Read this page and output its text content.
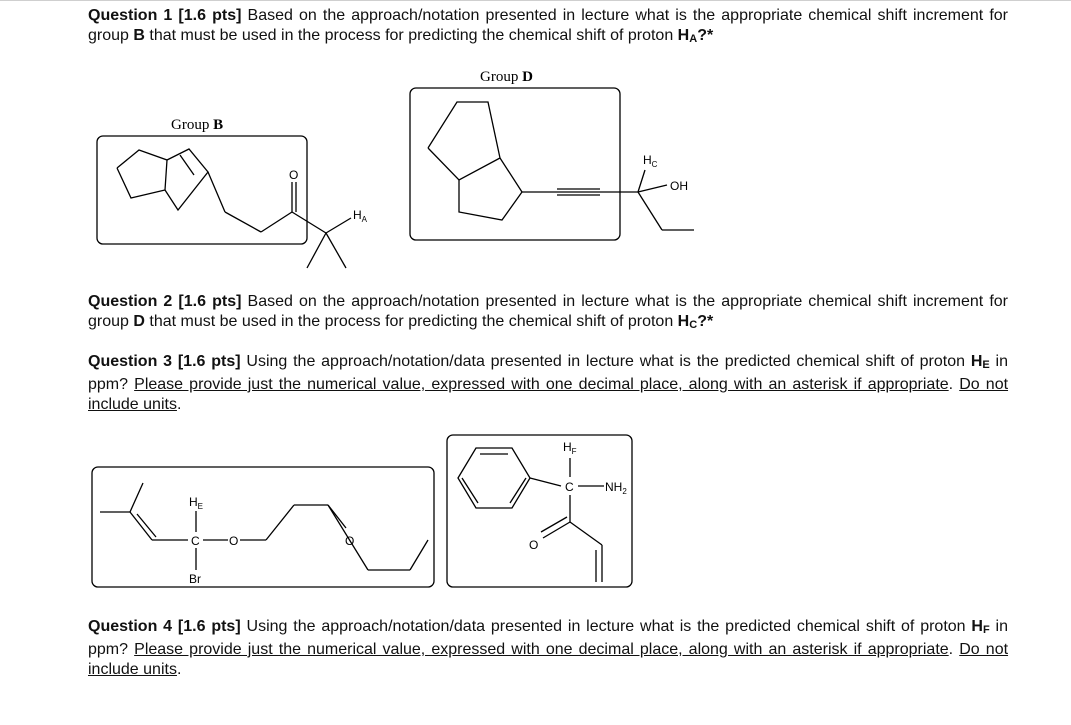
Question 1 [1.6 pts] Based on the approach/notation presented in lecture what is the appropriate chemical shift increment for group B that must be used in the process for predicting the chemical shift of proton HA?*
Group B
Group D
O
$H_A$
$H_C$
OH
Question 2 [1.6 pts] Based on the approach/notation presented in lecture what is the appropriate chemical shift increment for group D that must be used in the process for predicting the chemical shift of proton HC?*
Question 3 [1.6 pts] Using the approach/notation/data presented in lecture what is the predicted chemical shift of proton HE in ppm? Please provide just the numerical value, expressed with one decimal place, along with an asterisk if appropriate. Do not include units.
$H_E$
C O
Br
O
$H_F$
C	$NH_2$
O
Question 4 [1.6 pts] Using the approach/notation/data presented in lecture what is the predicted chemical shift of proton HF in ppm? Please provide just the numerical value, expressed with one decimal place, along with an asterisk if appropriate. Do not include units.
